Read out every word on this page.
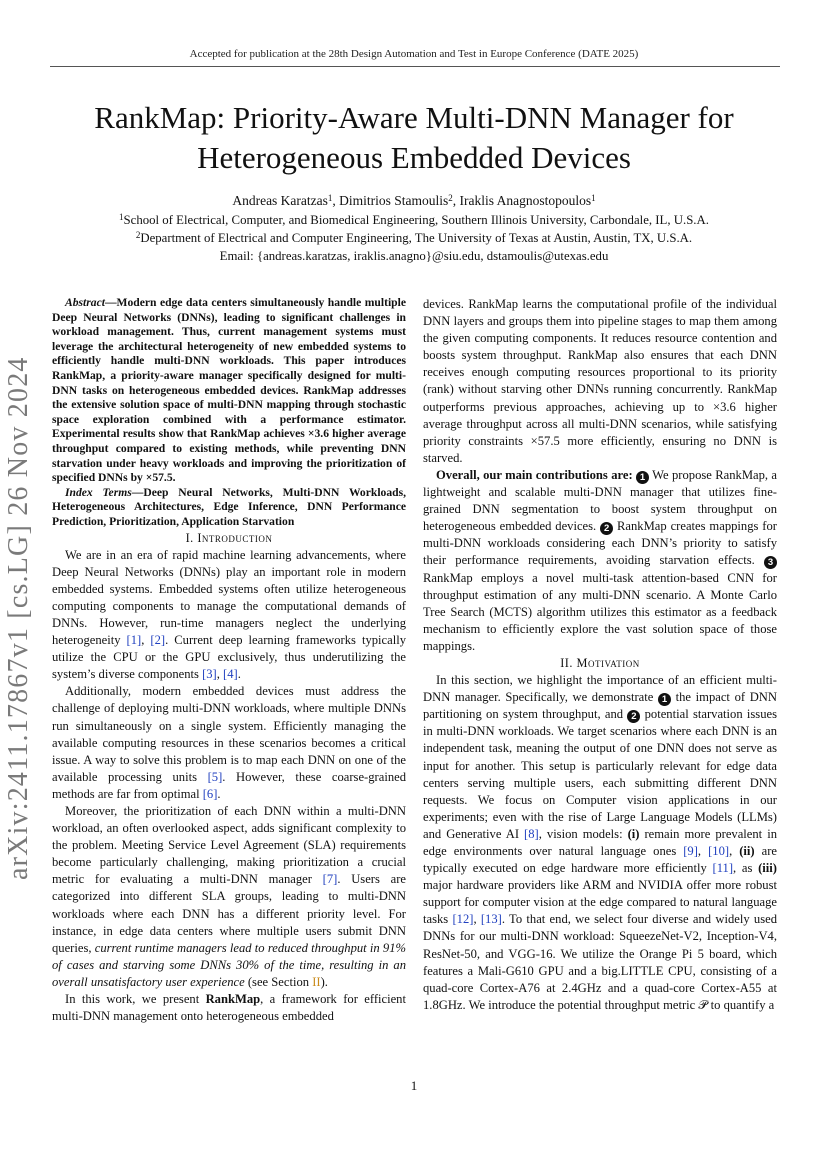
Accepted for publication at the 28th Design Automation and Test in Europe Conference (DATE 2025)
arXiv:2411.17867v1 [cs.LG] 26 Nov 2024
RankMap: Priority-Aware Multi-DNN Manager for
Heterogeneous Embedded Devices
Andreas Karatzas$^1$, Dimitrios Stamoulis$^2$, Iraklis Anagnostopoulos$^1$
$^1$School of Electrical, Computer, and Biomedical Engineering, Southern Illinois University, Carbondale, IL, U.S.A.
$^2$Department of Electrical and Computer Engineering, The University of Texas at Austin, Austin, TX, U.S.A.
Email: {andreas.karatzas, iraklis.anagno}@siu.edu, dstamoulis@utexas.edu

Abstract—Modern edge data centers simultaneously handle multiple Deep Neural Networks (DNNs), leading to significant challenges in workload management. Thus, current management systems must leverage the architectural heterogeneity of new embedded systems to efficiently handle multi-DNN workloads. This paper introduces RankMap, a priority-aware manager specifically designed for multi-DNN tasks on heterogeneous embedded devices. RankMap addresses the extensive solution space of multi-DNN mapping through stochastic space exploration combined with a performance estimator. Experimental results show that RankMap achieves ×3.6 higher average throughput compared to existing methods, while preventing DNN starvation under heavy workloads and improving the prioritization of specified DNNs by ×57.5.

Index Terms—Deep Neural Networks, Multi-DNN Workloads, Heterogeneous Architectures, Edge Inference, DNN Performance Prediction, Prioritization, Application Starvation

I. Introduction

We are in an era of rapid machine learning advancements, where Deep Neural Networks (DNNs) play an important role in modern embedded systems. Embedded systems often utilize heterogeneous computing components to manage the computational demands of DNNs. However, run-time managers neglect the underlying heterogeneity [1], [2]. Current deep learning frameworks typically utilize the CPU or the GPU exclusively, thus underutilizing the system’s diverse components [3], [4].

Additionally, modern embedded devices must address the challenge of deploying multi-DNN workloads, where multiple DNNs run simultaneously on a single system. Efficiently managing the available computing resources in these scenarios becomes a critical issue. A way to solve this problem is to map each DNN on one of the available processing units [5]. However, these coarse-grained methods are far from optimal [6].

Moreover, the prioritization of each DNN within a multi-DNN workload, an often overlooked aspect, adds significant complexity to the problem. Meeting Service Level Agreement (SLA) requirements become particularly challenging, making prioritization a crucial metric for evaluating a multi-DNN manager [7]. Users are categorized into different SLA groups, leading to multi-DNN workloads where each DNN has a different priority level. For instance, in edge data centers where multiple users submit DNN queries, current runtime managers lead to reduced throughput in 91% of cases and starving some DNNs 30% of the time, resulting in an overall unsatisfactory user experience (see Section II).

In this work, we present RankMap, a framework for efficient multi-DNN management onto heterogeneous embedded

devices. RankMap learns the computational profile of the individual DNN layers and groups them into pipeline stages to map them among the given computing components. It reduces resource contention and boosts system throughput. RankMap also ensures that each DNN receives enough computing resources proportional to its priority (rank) without starving other DNNs running concurrently. RankMap outperforms previous approaches, achieving up to ×3.6 higher average throughput across all multi-DNN scenarios, while satisfying priority constraints ×57.5 more efficiently, ensuring no DNN is starved.

Overall, our main contributions are: 1 We propose RankMap, a lightweight and scalable multi-DNN manager that utilizes fine-grained DNN segmentation to boost system throughput on heterogeneous embedded devices. 2 RankMap creates mappings for multi-DNN workloads considering each DNN’s priority to satisfy their performance requirements, avoiding starvation effects. 3 RankMap employs a novel multi-task attention-based CNN for throughput estimation of any multi-DNN scenario. A Monte Carlo Tree Search (MCTS) algorithm utilizes this estimator as a feedback mechanism to efficiently explore the vast solution space of those mappings.

II. Motivation

In this section, we highlight the importance of an efficient multi-DNN manager. Specifically, we demonstrate 1 the impact of DNN partitioning on system throughput, and 2 potential starvation issues in multi-DNN workloads. We target scenarios where each DNN is an independent task, meaning the output of one DNN does not serve as input for another. This setup is particularly relevant for edge data centers serving multiple users, each submitting different DNN requests. We focus on Computer vision applications in our experiments; even with the rise of Large Language Models (LLMs) and Generative AI [8], vision models: (i) remain more prevalent in edge environments over natural language ones [9], [10], (ii) are typically executed on edge hardware more efficiently [11], as (iii) major hardware providers like ARM and NVIDIA offer more robust support for computer vision at the edge compared to natural language tasks [12], [13]. To that end, we select four diverse and widely used DNNs for our multi-DNN workload: SqueezeNet-V2, Inception-V4, ResNet-50, and VGG-16. We utilize the Orange Pi 5 board, which features a Mali-G610 GPU and a big.LITTLE CPU, consisting of a quad-core Cortex-A76 at 2.4GHz and a quad-core Cortex-A55 at 1.8GHz. We introduce the potential throughput metric 𝒫 to quantify a

1
